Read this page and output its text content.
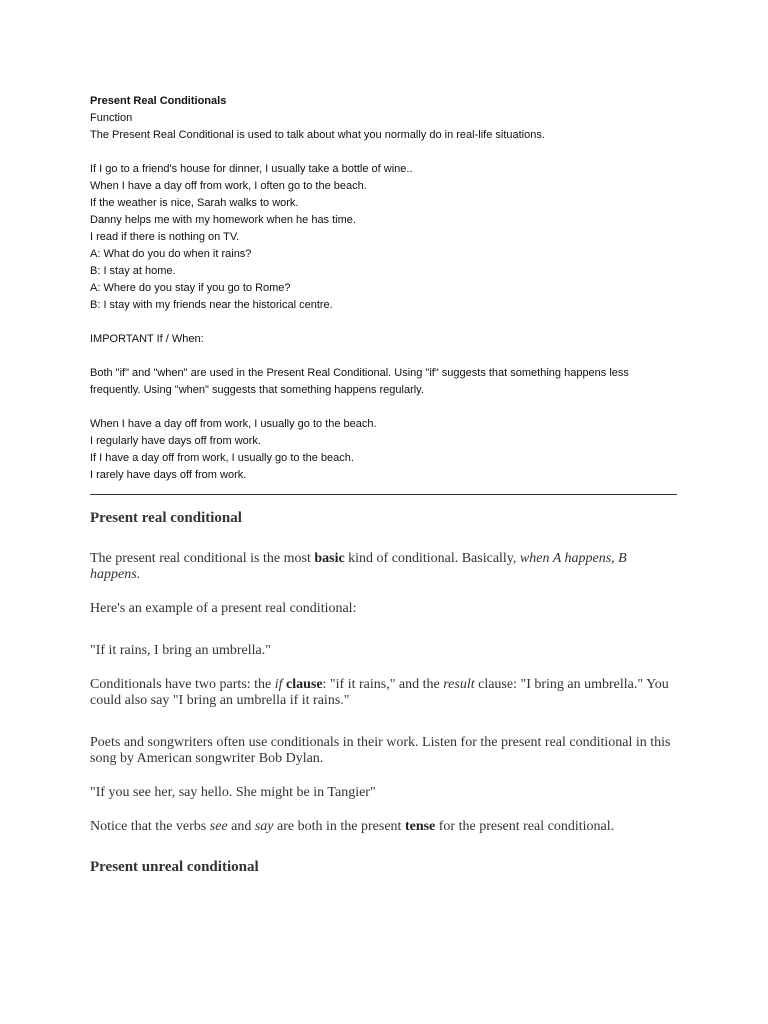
Present Real Conditionals

Function

The Present Real Conditional is used to talk about what you normally do in real-life situations.

If I go to a friend's house for dinner, I usually take a bottle of wine..

When I have a day off from work, I often go to the beach.

If the weather is nice, Sarah walks to work.

Danny helps me with my homework when he has time.

I read if there is nothing on TV.

A: What do you do when it rains?

B: I stay at home.

A: Where do you stay if you go to Rome?

B: I stay with my friends near the historical centre.

IMPORTANT If / When:

Both "if" and "when" are used in the Present Real Conditional. Using "if" suggests that something happens less frequently. Using "when" suggests that something happens regularly.

When I have a day off from work, I usually go to the beach.

I regularly have days off from work.

If I have a day off from work, I usually go to the beach.

I rarely have days off from work.

Present real conditional

The present real conditional is the most basic kind of conditional. Basically, when A happens, B happens.

Here's an example of a present real conditional:

"If it rains, I bring an umbrella."

Conditionals have two parts: the if clause: "if it rains," and the result clause: "I bring an umbrella." You could also say "I bring an umbrella if it rains."

Poets and songwriters often use conditionals in their work. Listen for the present real conditional in this song by American songwriter Bob Dylan.

"If you see her, say hello. She might be in Tangier"

Notice that the verbs see and say are both in the present tense for the present real conditional.

Present unreal conditional
